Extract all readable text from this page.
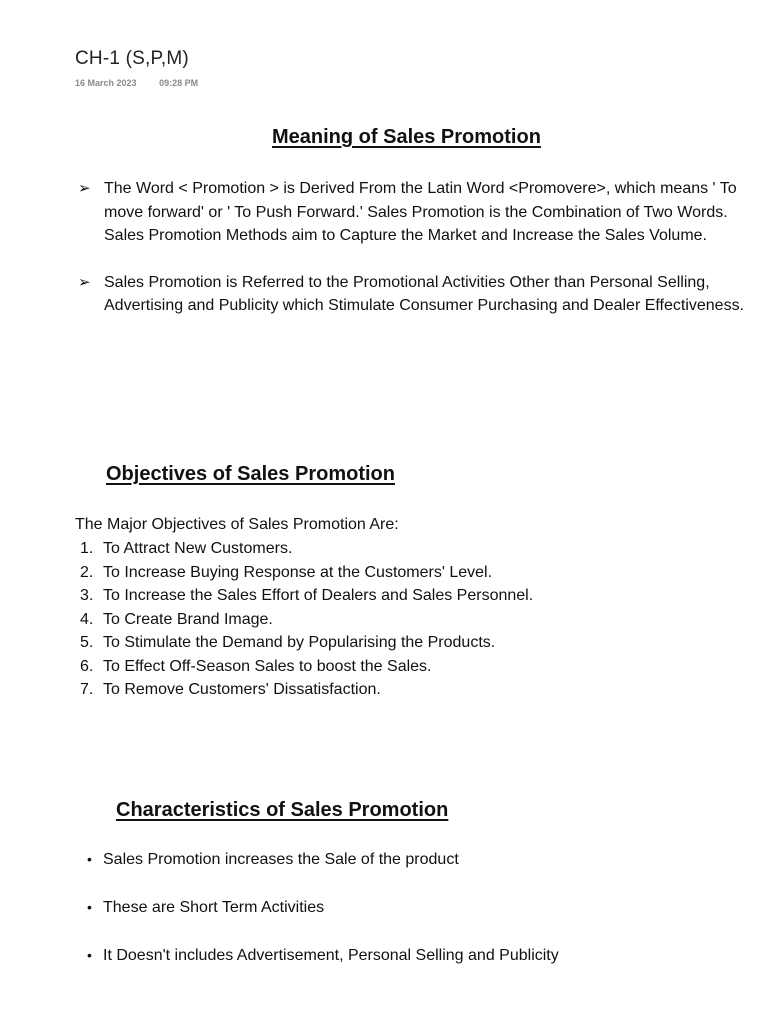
CH-1 (S,P,M)
16 March 2023	09:28 PM
Meaning of Sales Promotion
➢ The Word < Promotion > is Derived From the Latin Word <Promovere>, which means ' To move forward' or ' To Push Forward.' Sales Promotion is the Combination of Two Words. Sales Promotion Methods aim to Capture the Market and Increase the Sales Volume.
➢ Sales Promotion is Referred to the Promotional Activities Other than Personal Selling, Advertising and Publicity which Stimulate Consumer Purchasing and Dealer Effectiveness.
Objectives of Sales Promotion
The Major Objectives of Sales Promotion Are:
1. To Attract New Customers.
2. To Increase Buying Response at the Customers' Level.
3. To Increase the Sales Effort of Dealers and Sales Personnel.
4. To Create Brand Image.
5. To Stimulate the Demand by Popularising the Products.
6. To Effect Off-Season Sales to boost the Sales.
7. To Remove Customers' Dissatisfaction.
Characteristics of Sales Promotion
• Sales Promotion increases the Sale of the product
• These are Short Term Activities
• It Doesn't includes Advertisement, Personal Selling and Publicity
